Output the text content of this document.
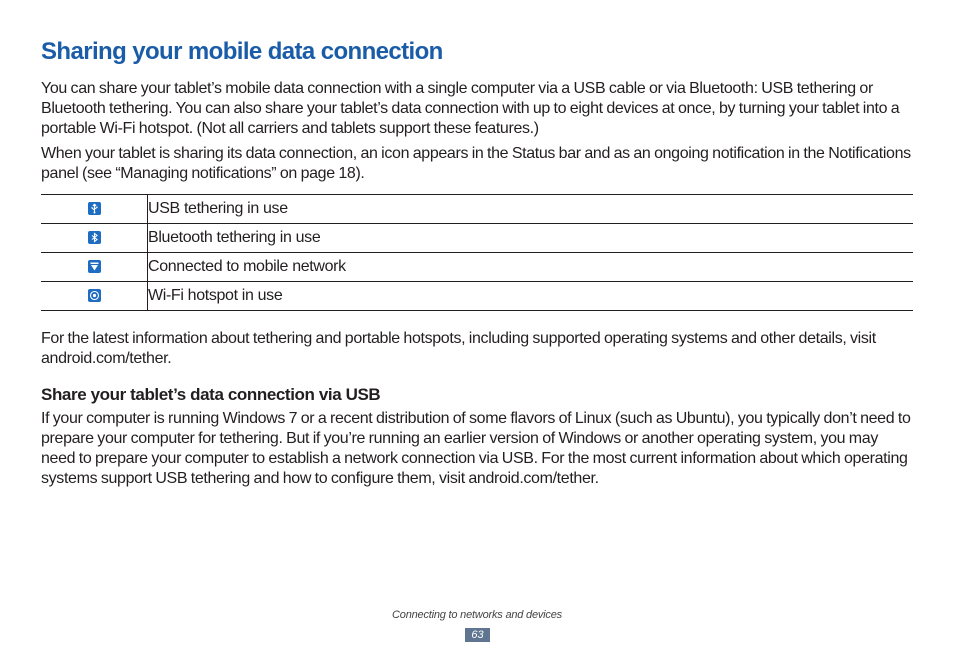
Sharing your mobile data connection

You can share your tablet’s mobile data connection with a single computer via a USB cable or via Bluetooth: USB tethering or Bluetooth tethering. You can also share your tablet’s data connection with up to eight devices at once, by turning your tablet into a portable Wi-Fi hotspot. (Not all carriers and tablets support these features.)

When your tablet is sharing its data connection, an icon appears in the Status bar and as an ongoing notification in the Notifications panel (see “Managing notifications” on page 18).

	USB tethering in use

	Bluetooth tethering in use

	Connected to mobile network

	Wi-Fi hotspot in use

For the latest information about tethering and portable hotspots, including supported operating systems and other details, visit android.com/tether.

Share your tablet’s data connection via USB

If your computer is running Windows 7 or a recent distribution of some flavors of Linux (such as Ubuntu), you typically don’t need to prepare your computer for tethering. But if you’re running an earlier version of Windows or another operating system, you may need to prepare your computer to establish a network connection via USB. For the most current information about which operating systems support USB tethering and how to configure them, visit android.com/tether.

Connecting to networks and devices
63
